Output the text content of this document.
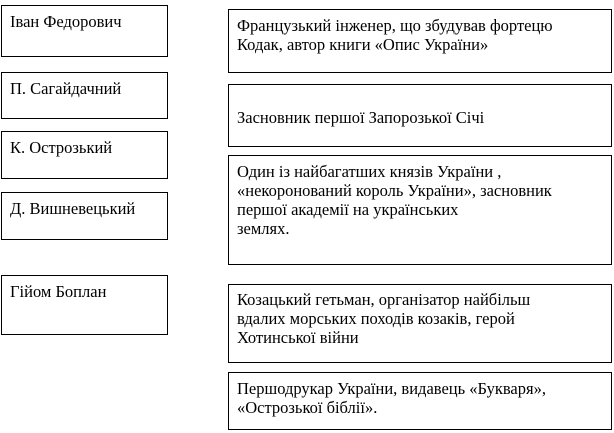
Іван Федорович
П. Сагайдачний
К. Острозький
Д. Вишневецький
Гійом Боплан
Французький інженер, що збудував фортецю
Кодак, автор книги «Опис України»
Засновник першої Запорозької Січі
Один із найбагатших князів України ,
«некоронований король України», засновник
першої академії на українських
землях.
Козацький гетьман, організатор найбільш
вдалих морських походів козаків, герой
Хотинської війни
Першодрукар України, видавець «Букваря»,
«Острозької біблії».
